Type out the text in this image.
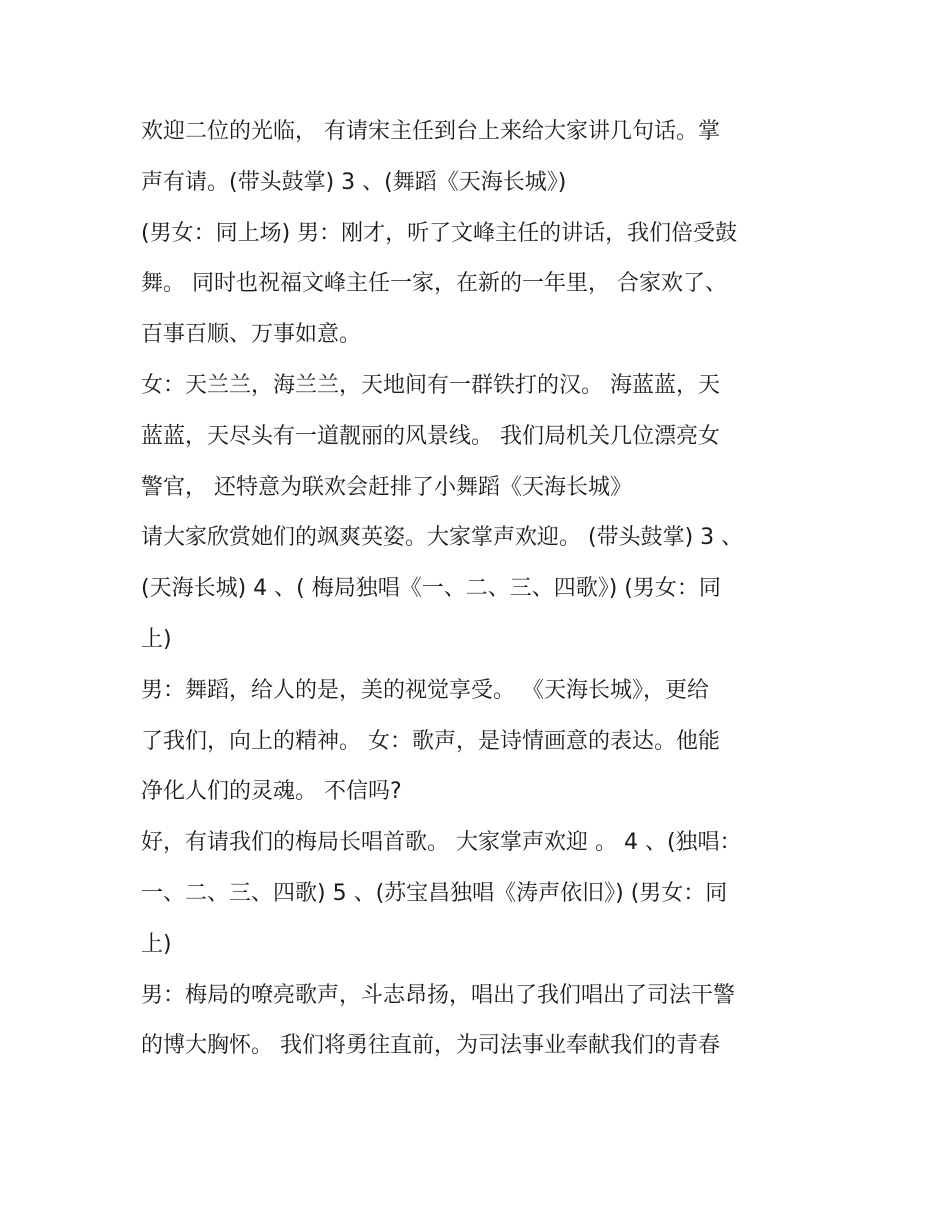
欢迎二位的光临， 有请宋主任到台上来给大家讲几句话。掌
声有请。(带头鼓掌) 3 、(舞蹈《天海长城》)
(男女：同上场) 男：刚才，听了文峰主任的讲话，我们倍受鼓
舞。 同时也祝福文峰主任一家，在新的一年里， 合家欢了、
百事百顺、万事如意。
女：天兰兰，海兰兰，天地间有一群铁打的汉。 海蓝蓝，天
蓝蓝，天尽头有一道靓丽的风景线。 我们局机关几位漂亮女
警官， 还特意为联欢会赶排了小舞蹈《天海长城》
请大家欣赏她们的飒爽英姿。大家掌声欢迎。 (带头鼓掌) 3 、
(天海长城) 4 、( 梅局独唱《一、二、三、四歌》) (男女：同
上)
男：舞蹈，给人的是，美的视觉享受。 《天海长城》，更给
了我们，向上的精神。 女：歌声，是诗情画意的表达。他能
净化人们的灵魂。 不信吗?
好，有请我们的梅局长唱首歌。 大家掌声欢迎 。 4 、(独唱：
一、二、三、四歌) 5 、(苏宝昌独唱《涛声依旧》) (男女：同
上)
男：梅局的嘹亮歌声，斗志昂扬，唱出了我们唱出了司法干警
的博大胸怀。 我们将勇往直前，为司法事业奉献我们的青春
